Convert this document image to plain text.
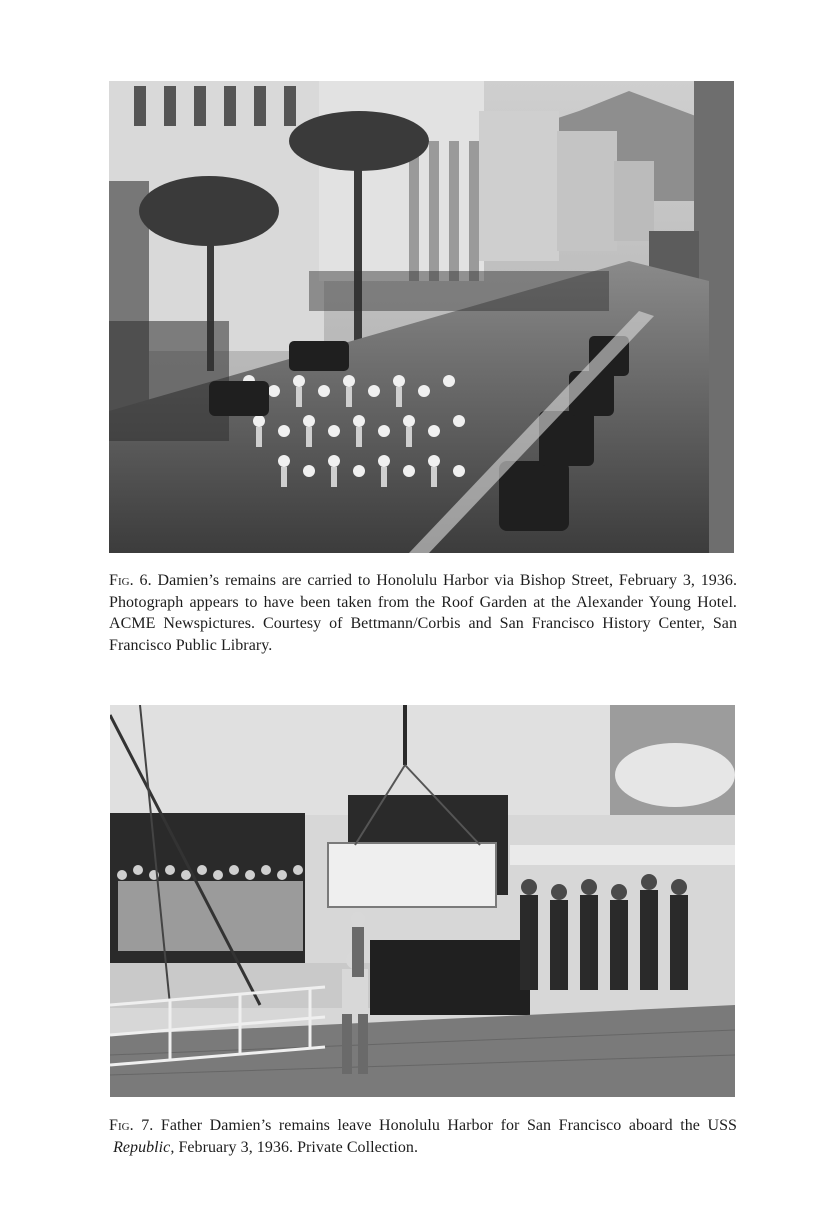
Fig. 6. Damien’s remains are carried to Honolulu Harbor via Bishop Street, February 3, 1936. Photograph appears to have been taken from the Roof Garden at the Alexander Young Hotel. ACME Newspictures. Courtesy of Bettmann/Corbis and San Francisco History Center, San Francisco Public Library.
Fig. 7. Father Damien’s remains leave Honolulu Harbor for San Francisco aboard the USS Republic, February 3, 1936. Private Collection.
